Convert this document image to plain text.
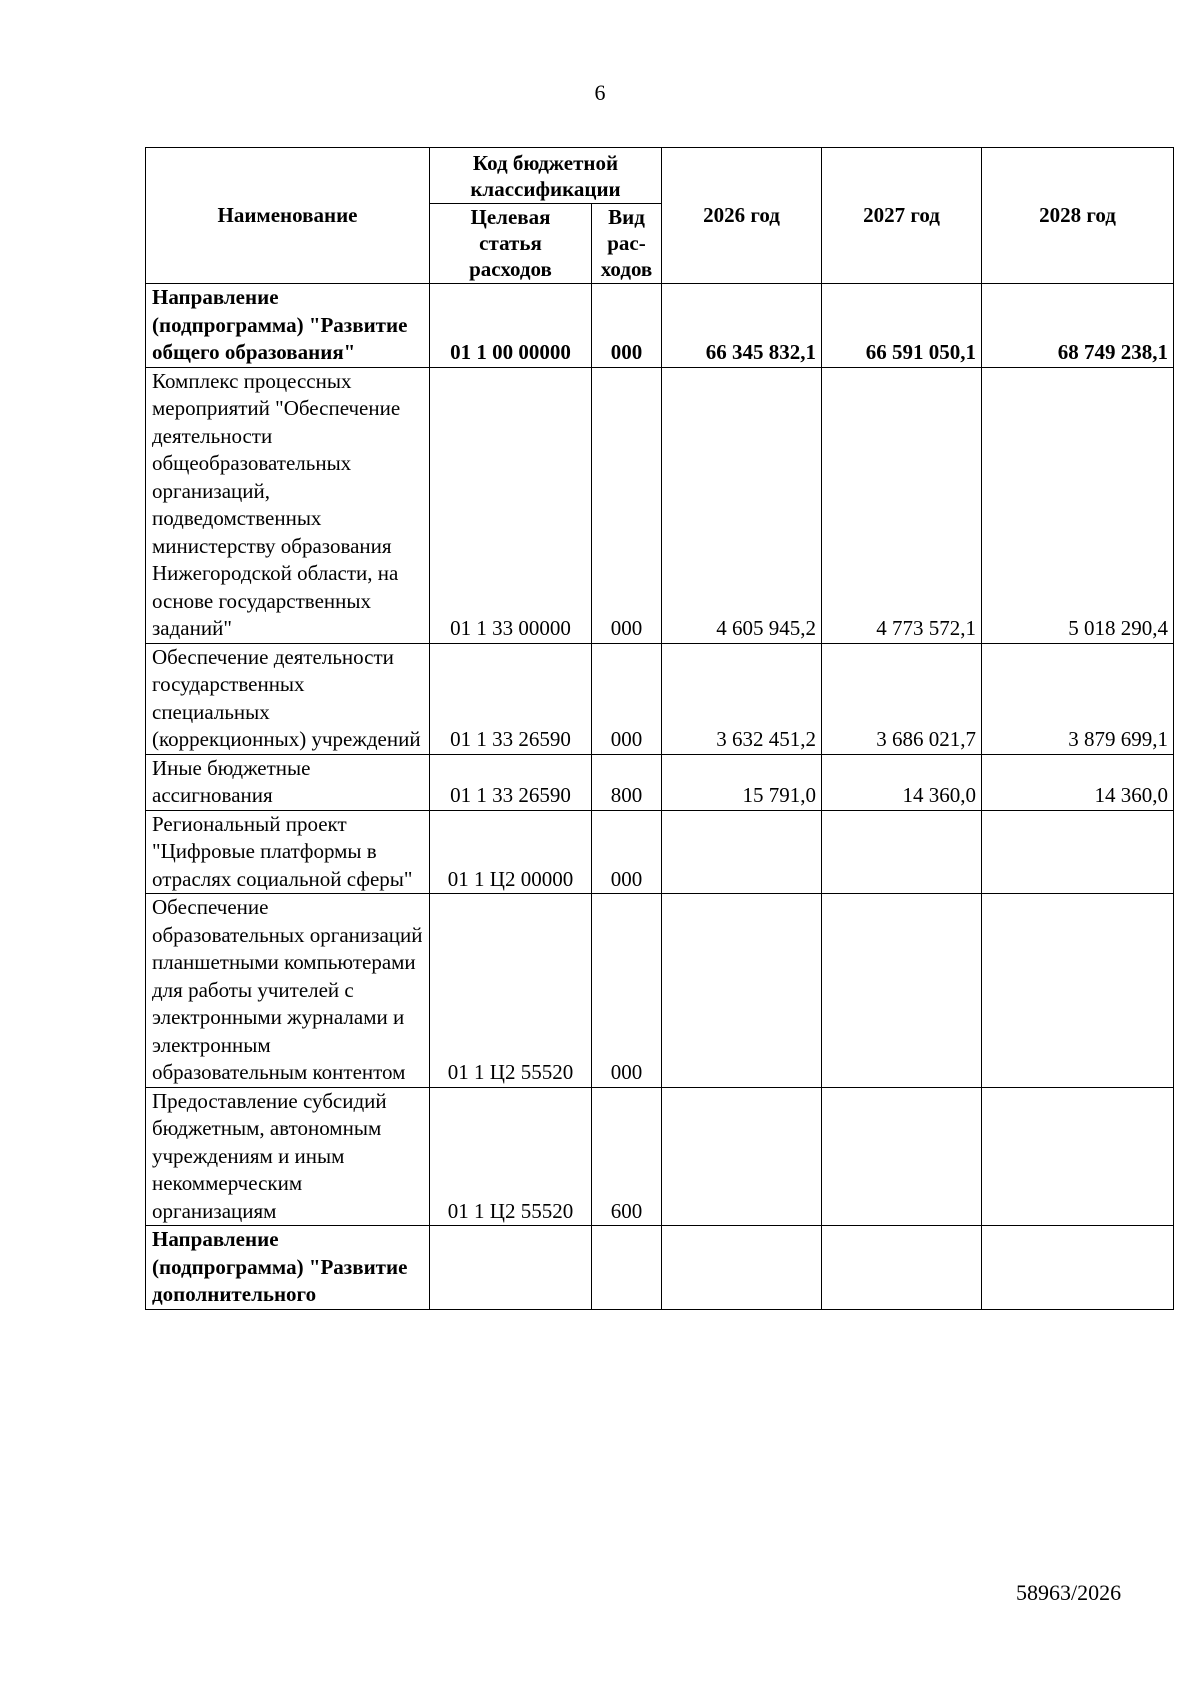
6
Наименование	Код бюджетной классификации		2026 год	2027 год	2028 год
	Целевая статья расходов	Вид рас-ходов			
Направление (подпрограмма) "Развитие общего образования"	01 1 00 00000	000	66 345 832,1	66 591 050,1	68 749 238,1
Комплекс процессных мероприятий "Обеспечение деятельности общеобразовательных организаций, подведомственных министерству образования Нижегородской области, на основе государственных заданий"	01 1 33 00000	000	4 605 945,2	4 773 572,1	5 018 290,4
Обеспечение деятельности государственных специальных (коррекционных) учреждений	01 1 33 26590	000	3 632 451,2	3 686 021,7	3 879 699,1
Иные бюджетные ассигнования	01 1 33 26590	800	15 791,0	14 360,0	14 360,0
Региональный проект "Цифровые платформы в отраслях социальной сферы"	01 1 Ц2 00000	000			
Обеспечение образовательных организаций планшетными компьютерами для работы учителей с электронными журналами и электронным образовательным контентом	01 1 Ц2 55520	000			
Предоставление субсидий бюджетным, автономным учреждениям и иным некоммерческим организациям	01 1 Ц2 55520	600			
Направление (подпрограмма) "Развитие дополнительного					
58963/2026
